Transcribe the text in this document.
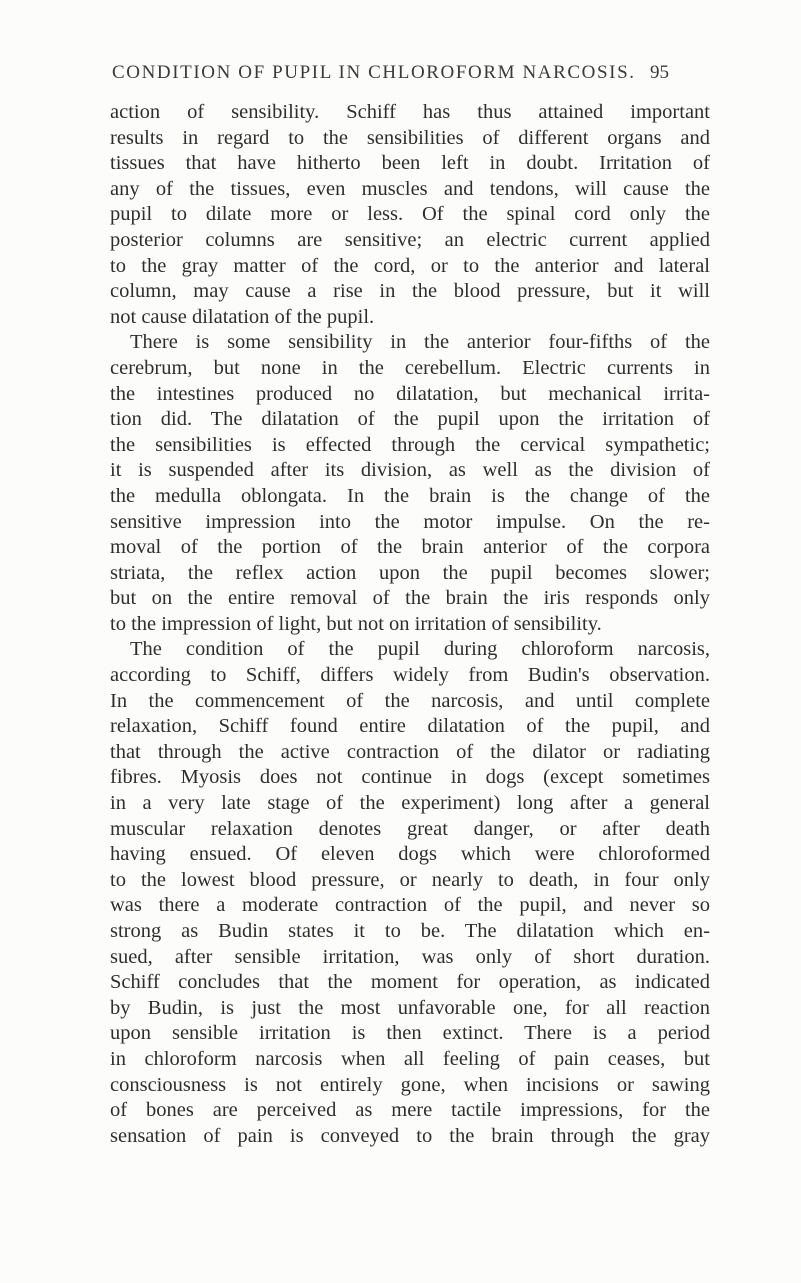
CONDITION OF PUPIL IN CHLOROFORM NARCOSIS. 95
action of sensibility. Schiff has thus attained important
results in regard to the sensibilities of different organs and
tissues that have hitherto been left in doubt. Irritation of
any of the tissues, even muscles and tendons, will cause the
pupil to dilate more or less. Of the spinal cord only the
posterior columns are sensitive; an electric current applied
to the gray matter of the cord, or to the anterior and lateral
column, may cause a rise in the blood pressure, but it will
not cause dilatation of the pupil.
There is some sensibility in the anterior four-fifths of the
cerebrum, but none in the cerebellum. Electric currents in
the intestines produced no dilatation, but mechanical irrita-
tion did. The dilatation of the pupil upon the irritation of
the sensibilities is effected through the cervical sympathetic;
it is suspended after its division, as well as the division of
the medulla oblongata. In the brain is the change of the
sensitive impression into the motor impulse. On the re-
moval of the portion of the brain anterior of the corpora
striata, the reflex action upon the pupil becomes slower;
but on the entire removal of the brain the iris responds only
to the impression of light, but not on irritation of sensibility.
The condition of the pupil during chloroform narcosis,
according to Schiff, differs widely from Budin's observation.
In the commencement of the narcosis, and until complete
relaxation, Schiff found entire dilatation of the pupil, and
that through the active contraction of the dilator or radiating
fibres. Myosis does not continue in dogs (except sometimes
in a very late stage of the experiment) long after a general
muscular relaxation denotes great danger, or after death
having ensued. Of eleven dogs which were chloroformed
to the lowest blood pressure, or nearly to death, in four only
was there a moderate contraction of the pupil, and never so
strong as Budin states it to be. The dilatation which en-
sued, after sensible irritation, was only of short duration.
Schiff concludes that the moment for operation, as indicated
by Budin, is just the most unfavorable one, for all reaction
upon sensible irritation is then extinct. There is a period
in chloroform narcosis when all feeling of pain ceases, but
consciousness is not entirely gone, when incisions or sawing
of bones are perceived as mere tactile impressions, for the
sensation of pain is conveyed to the brain through the gray
